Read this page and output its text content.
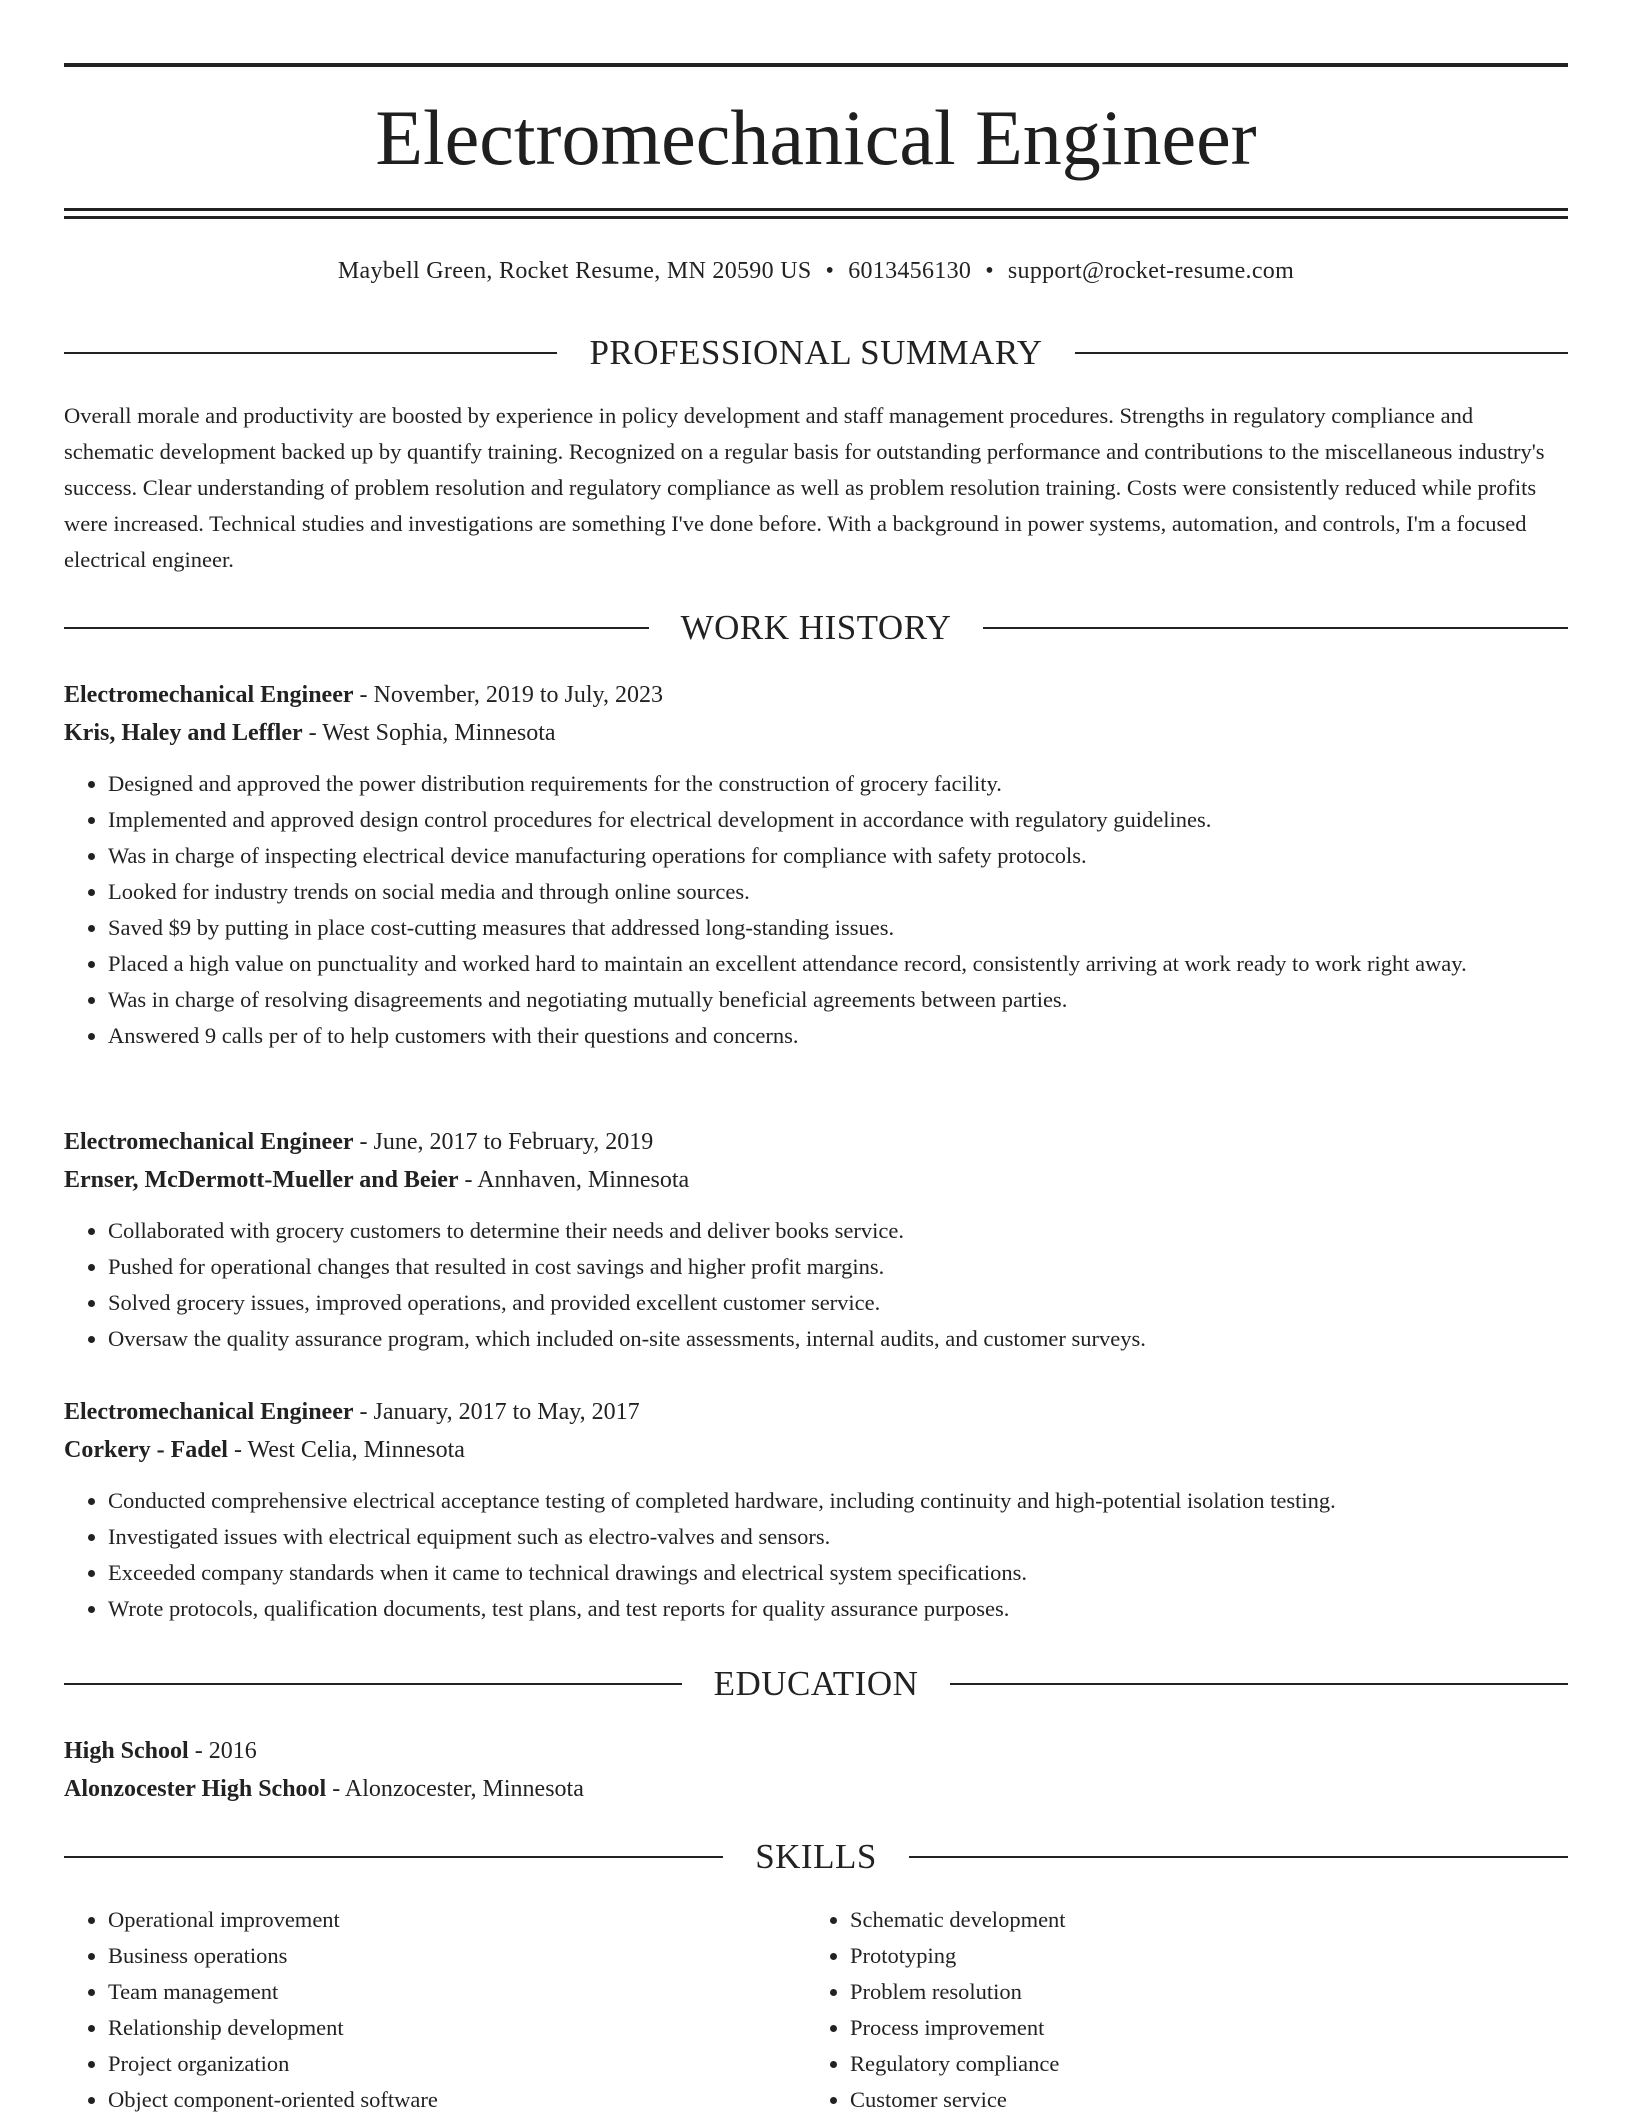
Electromechanical Engineer
Maybell Green, Rocket Resume, MN 20590 US • 6013456130 • support@rocket-resume.com
PROFESSIONAL SUMMARY

Overall morale and productivity are boosted by experience in policy development and staff management procedures. Strengths in regulatory compliance and schematic development backed up by quantify training. Recognized on a regular basis for outstanding performance and contributions to the miscellaneous industry's success. Clear understanding of problem resolution and regulatory compliance as well as problem resolution training. Costs were consistently reduced while profits were increased. Technical studies and investigations are something I've done before. With a background in power systems, automation, and controls, I'm a focused electrical engineer.

WORK HISTORY
Electromechanical Engineer - November, 2019 to July, 2023
Kris, Haley and Leffler - West Sophia, Minnesota
• Designed and approved the power distribution requirements for the construction of grocery facility.
• Implemented and approved design control procedures for electrical development in accordance with regulatory guidelines.
• Was in charge of inspecting electrical device manufacturing operations for compliance with safety protocols.
• Looked for industry trends on social media and through online sources.
• Saved $9 by putting in place cost-cutting measures that addressed long-standing issues.
• Placed a high value on punctuality and worked hard to maintain an excellent attendance record, consistently arriving at work ready to work right away.
• Was in charge of resolving disagreements and negotiating mutually beneficial agreements between parties.
• Answered 9 calls per of to help customers with their questions and concerns.
Electromechanical Engineer - June, 2017 to February, 2019
Ernser, McDermott-Mueller and Beier - Annhaven, Minnesota
• Collaborated with grocery customers to determine their needs and deliver books service.
• Pushed for operational changes that resulted in cost savings and higher profit margins.
• Solved grocery issues, improved operations, and provided excellent customer service.
• Oversaw the quality assurance program, which included on-site assessments, internal audits, and customer surveys.
Electromechanical Engineer - January, 2017 to May, 2017
Corkery - Fadel - West Celia, Minnesota
• Conducted comprehensive electrical acceptance testing of completed hardware, including continuity and high-potential isolation testing.
• Investigated issues with electrical equipment such as electro-valves and sensors.
• Exceeded company standards when it came to technical drawings and electrical system specifications.
• Wrote protocols, qualification documents, test plans, and test reports for quality assurance purposes.
EDUCATION
High School - 2016
Alonzocester High School - Alonzocester, Minnesota
SKILLS
• Operational improvement
• Business operations
• Team management
• Relationship development
• Project organization
• Object component-oriented software
• Schematic development
• Prototyping
• Problem resolution
• Process improvement
• Regulatory compliance
• Customer service
